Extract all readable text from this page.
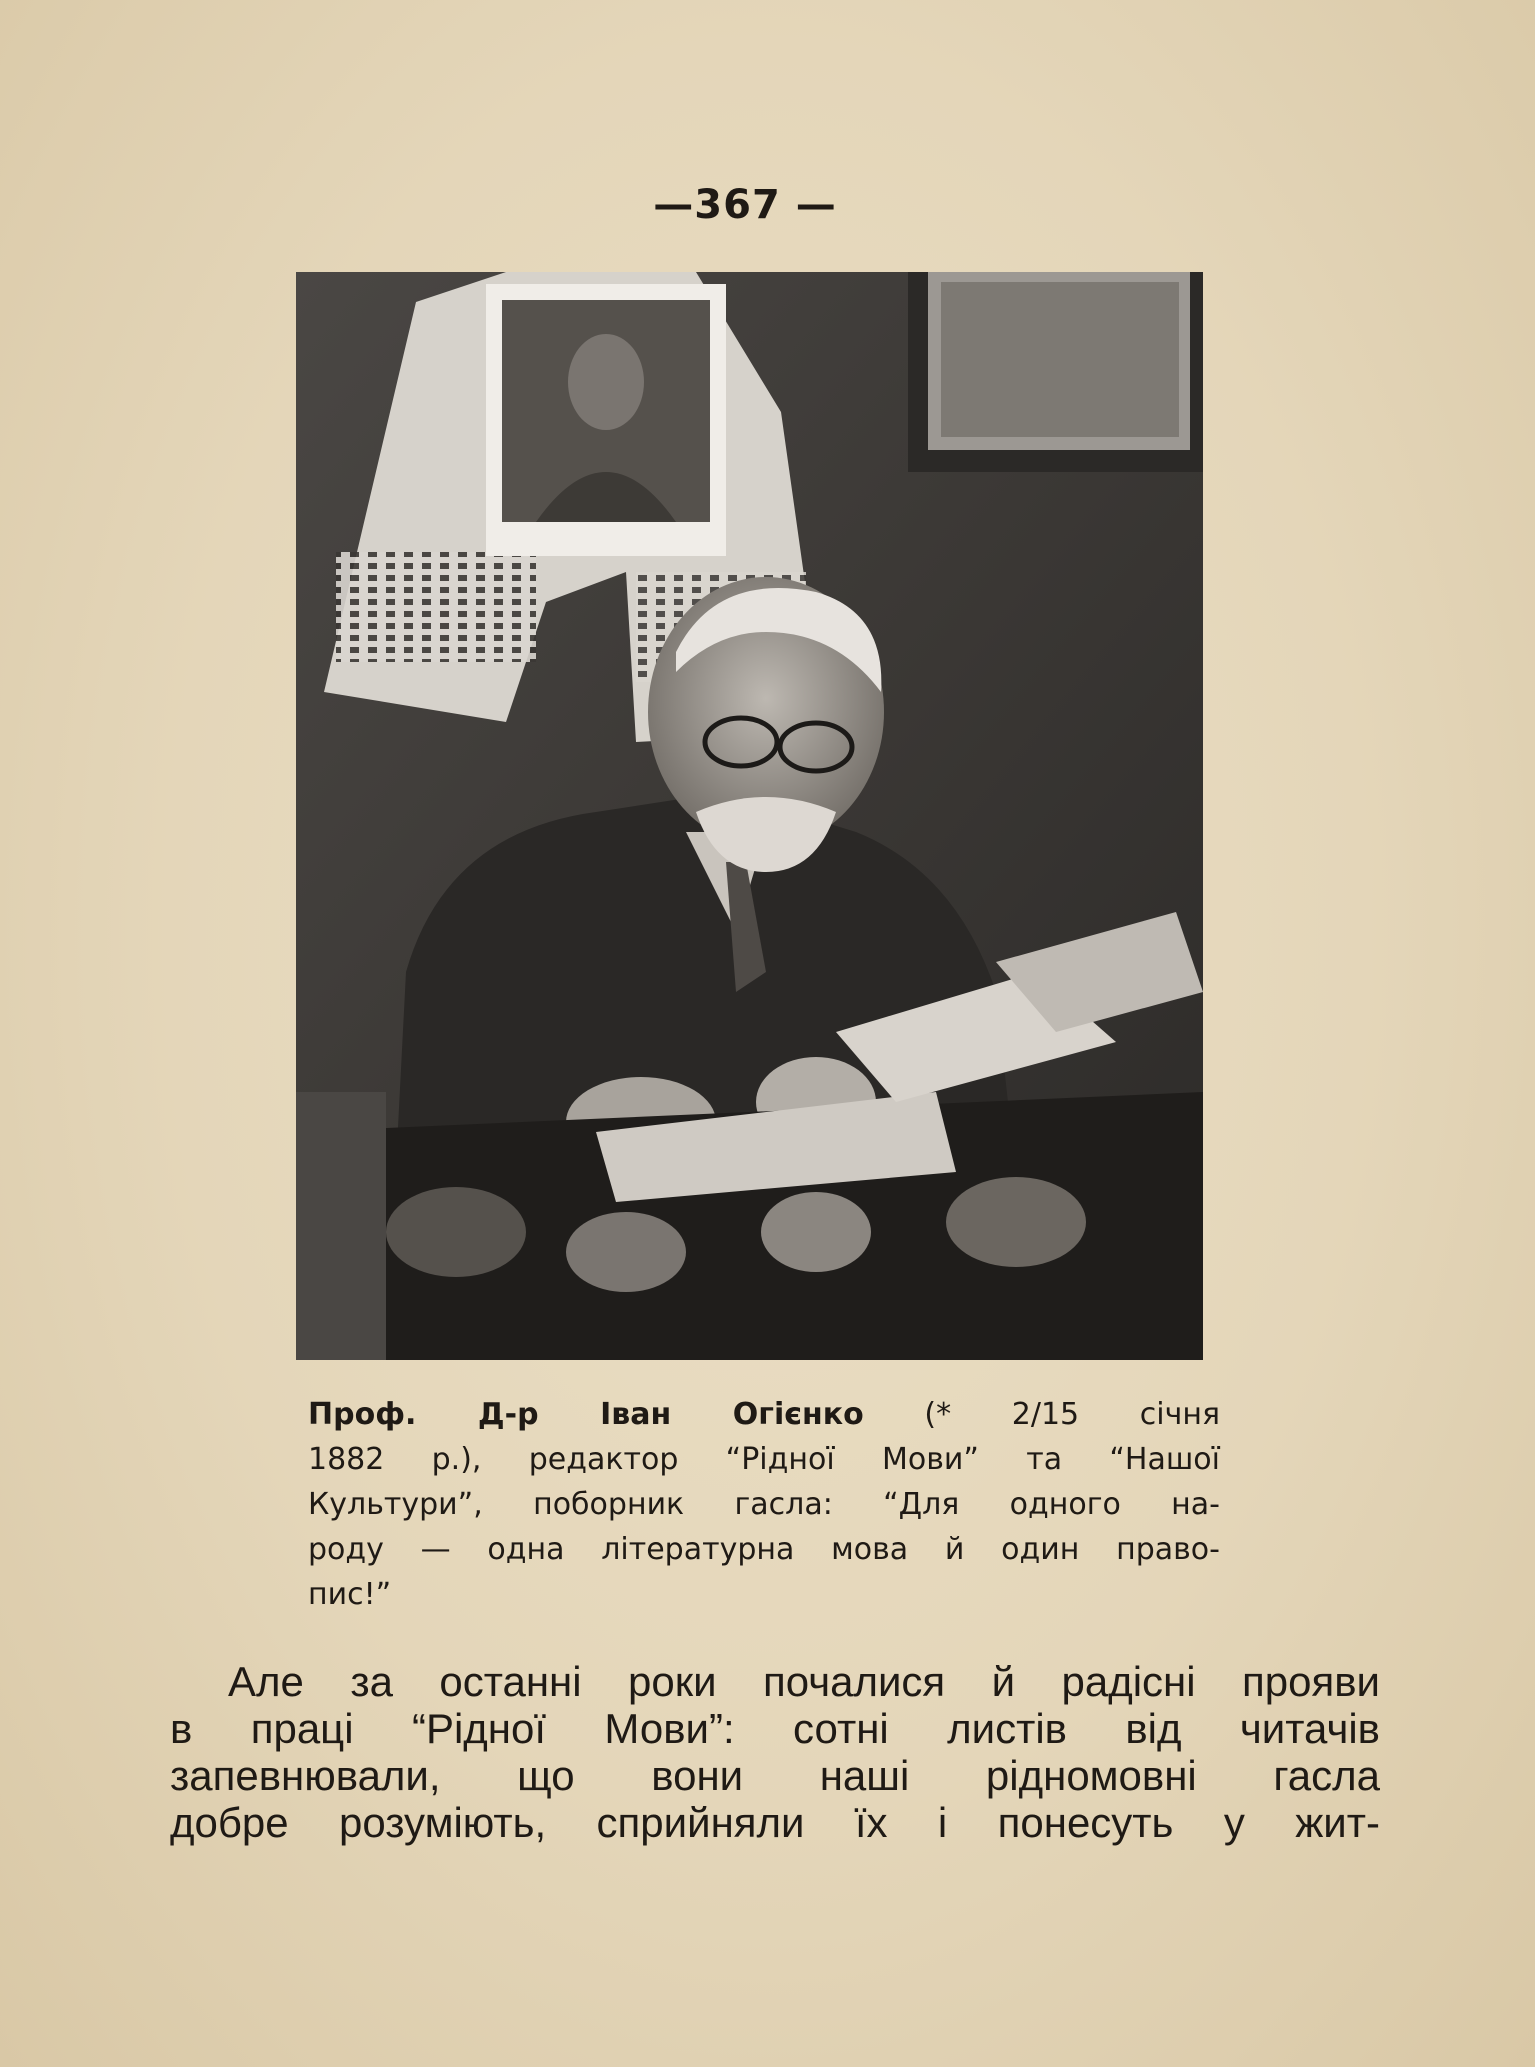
—367 —
Проф. Д-р Іван Огієнко (* 2/15 січня
1882 р.), редактор “Рідної Мови” та “Нашої
Культури”, поборник гасла: “Для одного на-
роду — одна літературна мова й один право-
пис!”
Але за останні роки почалися й радісні прояви
в праці “Рідної Мови”: сотні листів від читачів
запевнювали, що вони наші рідномовні гасла
добре розуміють, сприйняли їх і понесуть у жит-
